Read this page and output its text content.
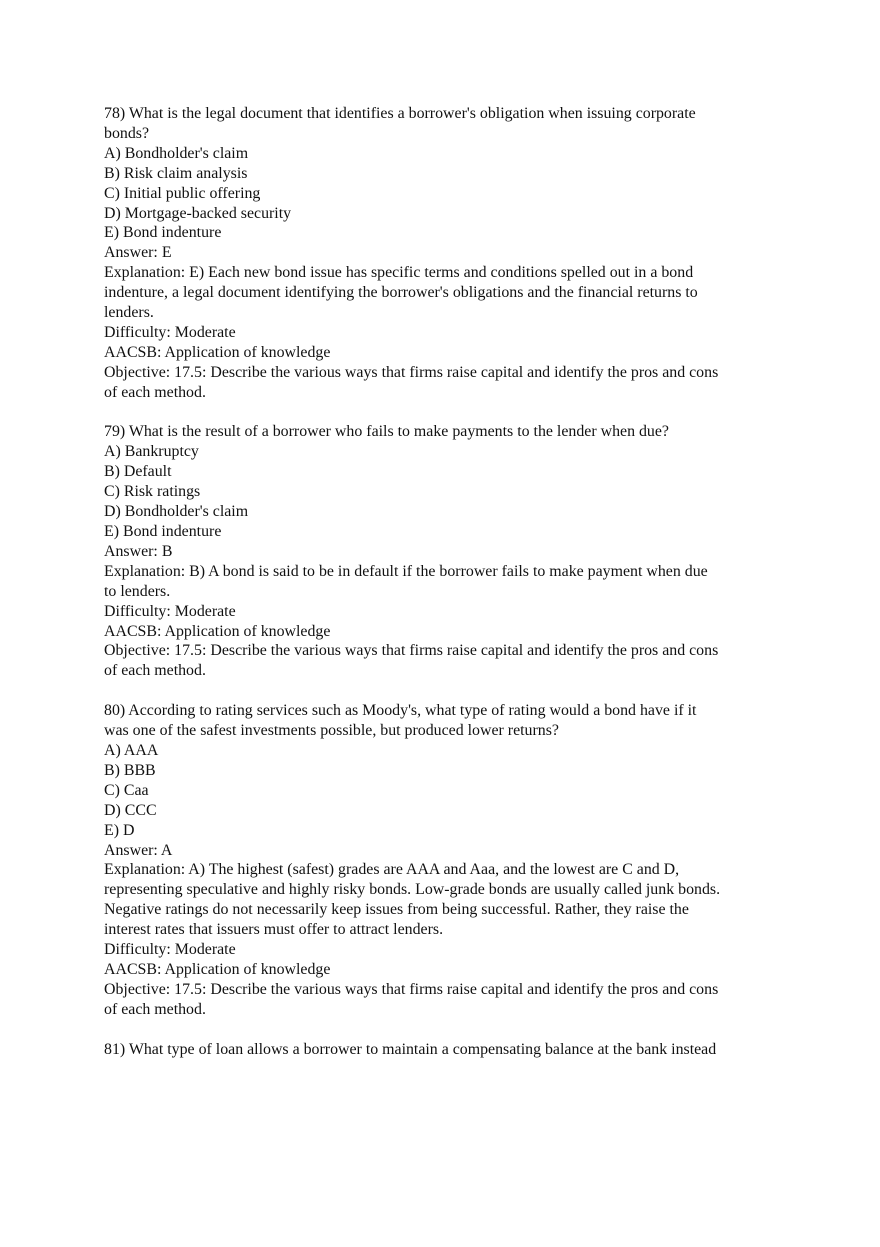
78) What is the legal document that identifies a borrower's obligation when issuing corporate

bonds?

A) Bondholder's claim

B) Risk claim analysis

C) Initial public offering

D) Mortgage-backed security

E) Bond indenture

Answer: E

Explanation: E) Each new bond issue has specific terms and conditions spelled out in a bond

indenture, a legal document identifying the borrower's obligations and the financial returns to

lenders.

Difficulty: Moderate

AACSB: Application of knowledge

Objective: 17.5: Describe the various ways that firms raise capital and identify the pros and cons

of each method.

79) What is the result of a borrower who fails to make payments to the lender when due?

A) Bankruptcy

B) Default

C) Risk ratings

D) Bondholder's claim

E) Bond indenture

Answer: B

Explanation: B) A bond is said to be in default if the borrower fails to make payment when due

to lenders.

Difficulty: Moderate

AACSB: Application of knowledge

Objective: 17.5: Describe the various ways that firms raise capital and identify the pros and cons

of each method.

80) According to rating services such as Moody's, what type of rating would a bond have if it

was one of the safest investments possible, but produced lower returns?

A) AAA

B) BBB

C) Caa

D) CCC

E) D

Answer: A

Explanation: A) The highest (safest) grades are AAA and Aaa, and the lowest are C and D,

representing speculative and highly risky bonds. Low-grade bonds are usually called junk bonds.

Negative ratings do not necessarily keep issues from being successful. Rather, they raise the

interest rates that issuers must offer to attract lenders.

Difficulty: Moderate

AACSB: Application of knowledge

Objective: 17.5: Describe the various ways that firms raise capital and identify the pros and cons

of each method.

81) What type of loan allows a borrower to maintain a compensating balance at the bank instead
